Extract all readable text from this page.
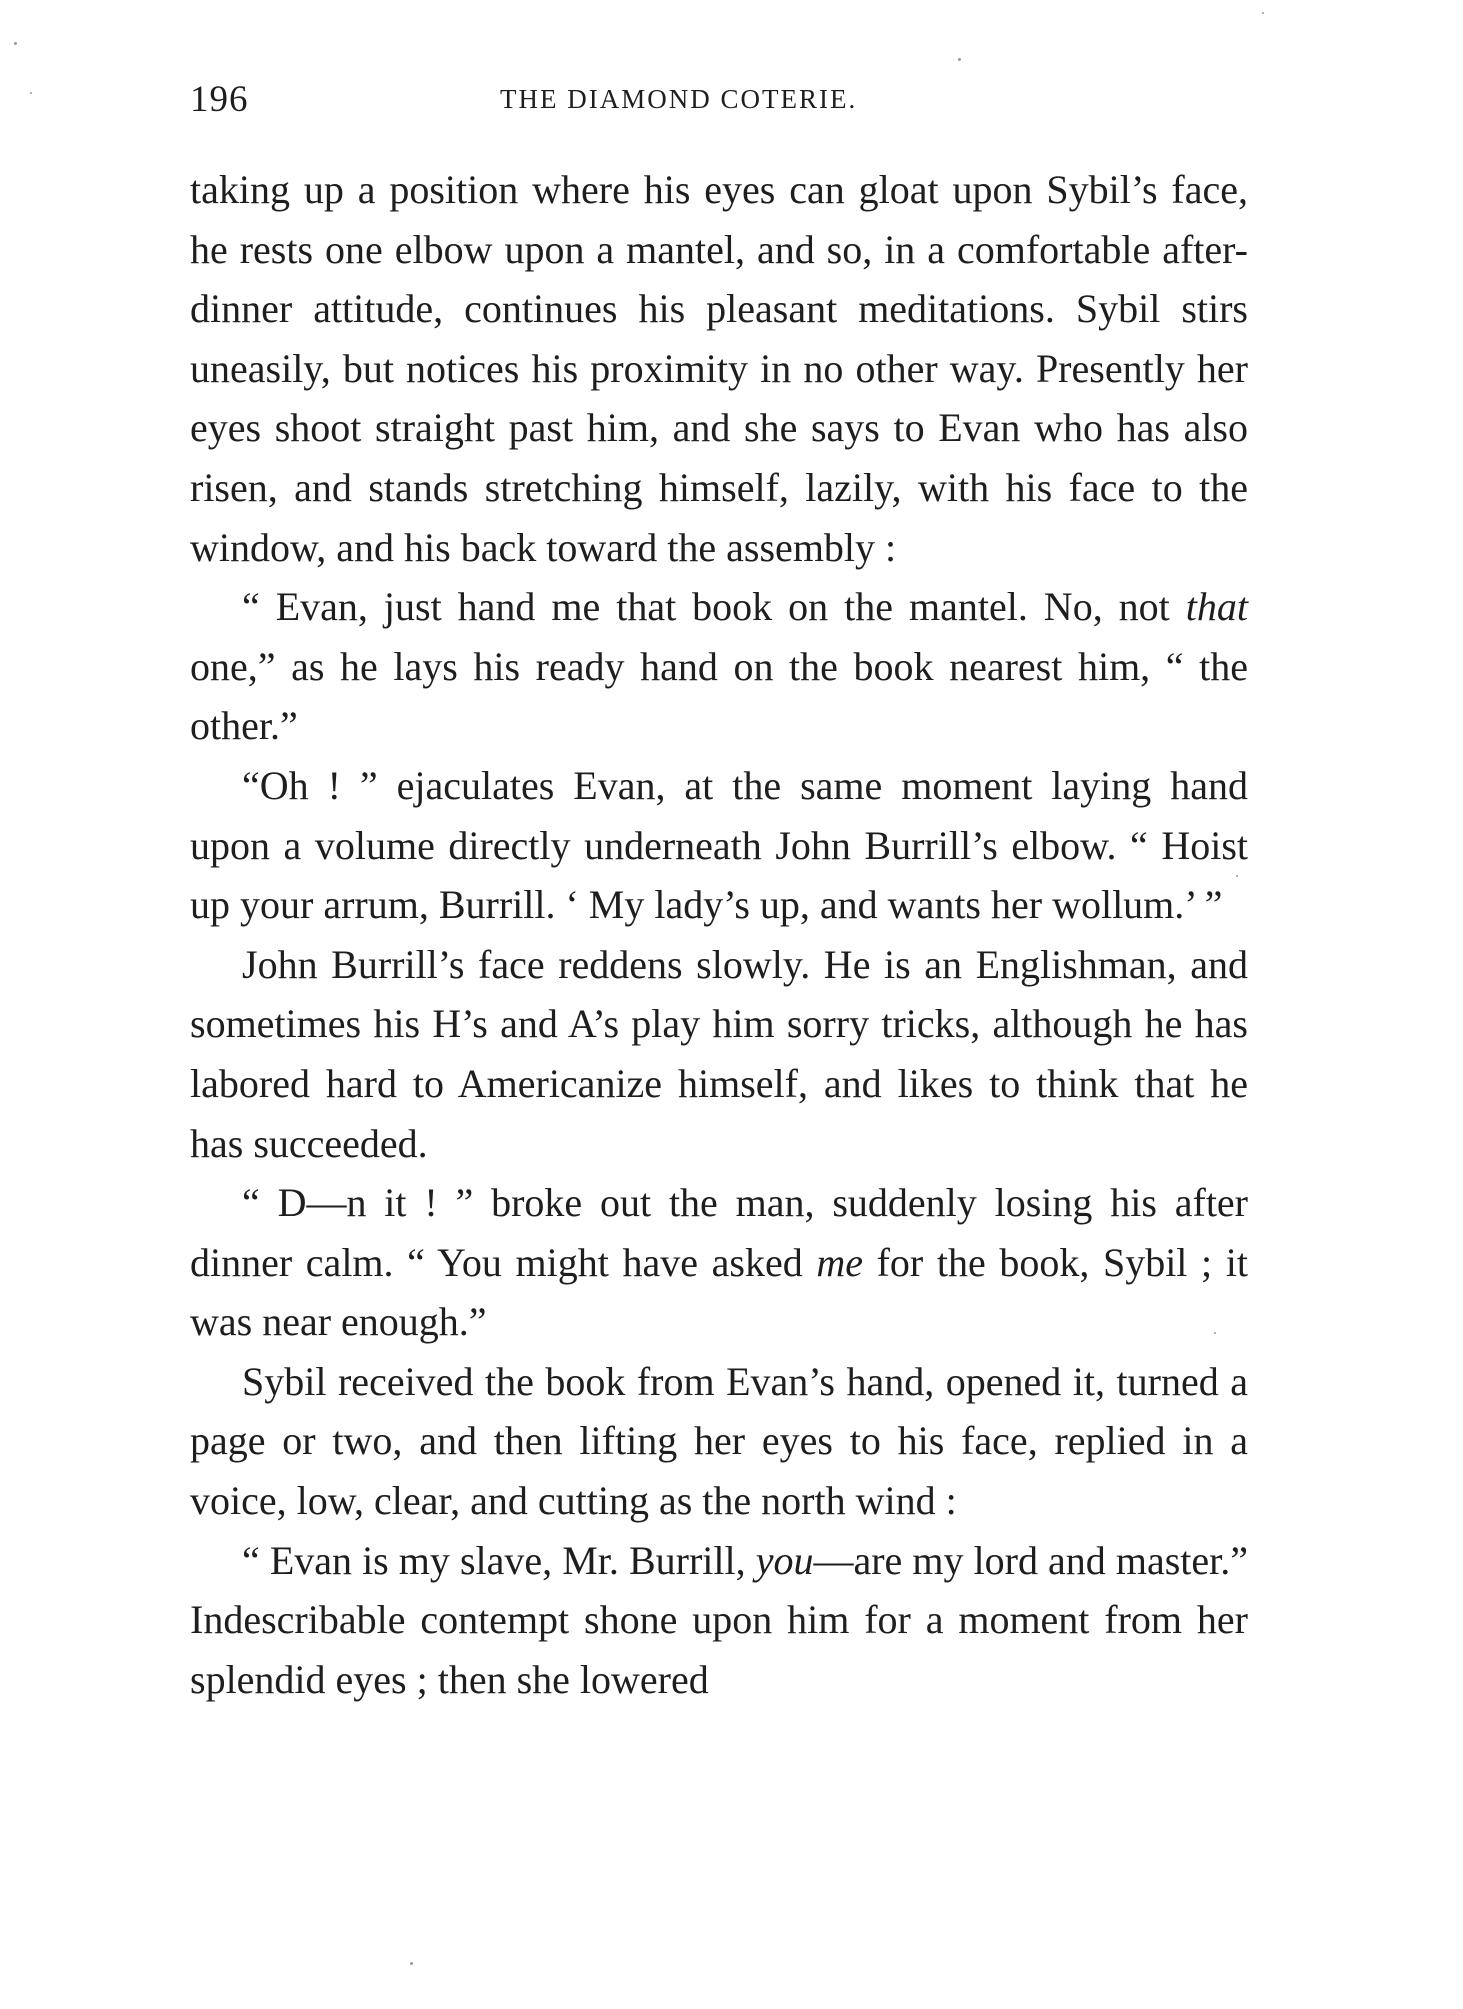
196	THE DIAMOND COTERIE.

taking up a position where his eyes can gloat upon Sybil’s face, he rests one elbow upon a mantel, and so, in a comfortable after-dinner attitude, continues his pleasant meditations. Sybil stirs uneasily, but notices his proximity in no other way. Presently her eyes shoot straight past him, and she says to Evan who has also risen, and stands stretching himself, lazily, with his face to the window, and his back toward the assembly :

“ Evan, just hand me that book on the mantel. No, not that one,” as he lays his ready hand on the book nearest him, “ the other.”

“Oh ! ” ejaculates Evan, at the same moment laying hand upon a volume directly underneath John Burrill’s elbow. “ Hoist up your arrum, Burrill. ‘ My lady’s up, and wants her wollum.’ ”

John Burrill’s face reddens slowly. He is an Englishman, and sometimes his H’s and A’s play him sorry tricks, although he has labored hard to Americanize himself, and likes to think that he has succeeded.

“ D—n it ! ” broke out the man, suddenly losing his after dinner calm. “ You might have asked me for the book, Sybil ; it was near enough.”

Sybil received the book from Evan’s hand, opened it, turned a page or two, and then lifting her eyes to his face, replied in a voice, low, clear, and cutting as the north wind :

“ Evan is my slave, Mr. Burrill, you—are my lord and master.” Indescribable contempt shone upon him for a moment from her splendid eyes ; then she lowered
